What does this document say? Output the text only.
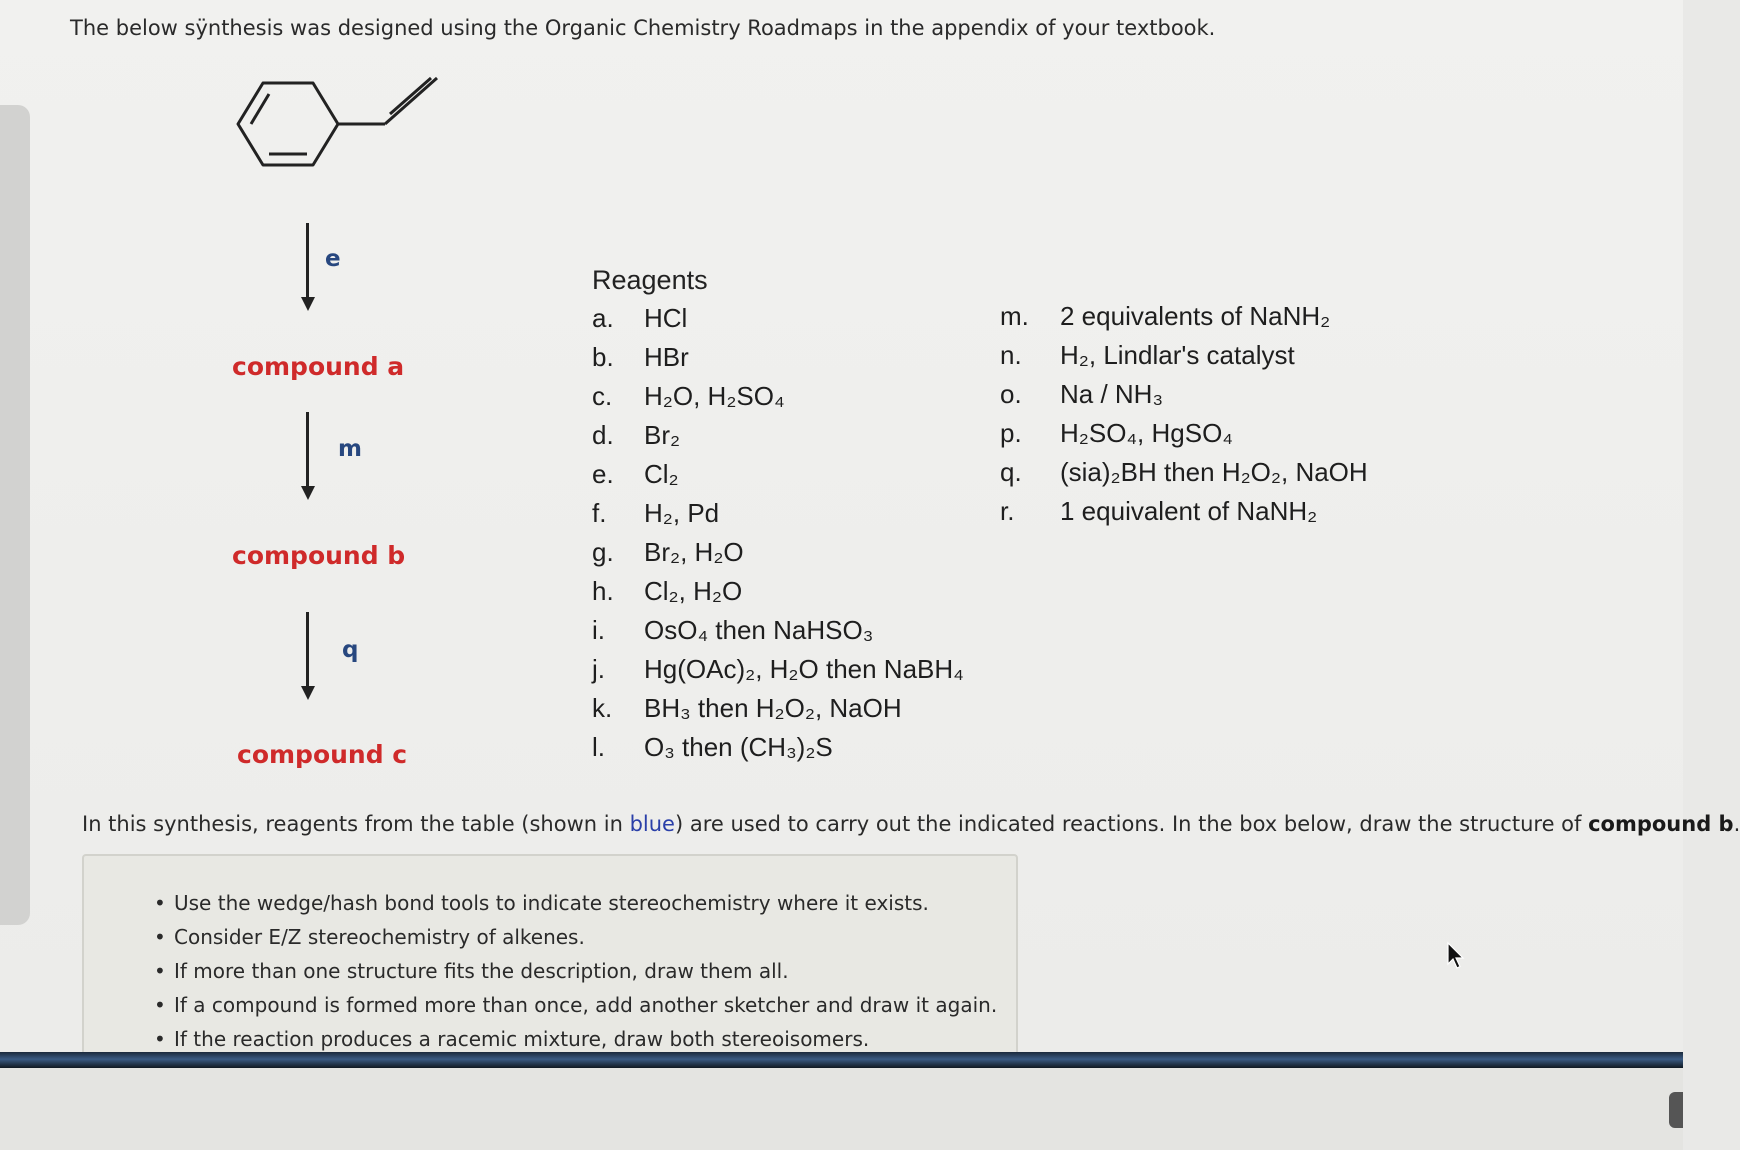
The below sÿnthesis was designed using the Organic Chemistry Roadmaps in the appendix of your textbook.
e
compound a
m
compound b
q
compound c
Reagents
a. HCl
b. HBr
c. H₂O, H₂SO₄
d. Br₂
e. Cl₂
f. H₂, Pd
g. Br₂, H₂O
h. Cl₂, H₂O
i. OsO₄ then NaHSO₃
j. Hg(OAc)₂, H₂O then NaBH₄
k. BH₃ then H₂O₂, NaOH
l. O₃ then (CH₃)₂S
m. 2 equivalents of NaNH₂
n. H₂, Lindlar's catalyst
o. Na / NH₃
p. H₂SO₄, HgSO₄
q. (sia)₂BH then H₂O₂, NaOH
r. 1 equivalent of NaNH₂
In this synthesis, reagents from the table (shown in blue) are used to carry out the indicated reactions. In the box below, draw the structure of compound b.
• Use the wedge/hash bond tools to indicate stereochemistry where it exists.
• Consider E/Z stereochemistry of alkenes.
• If more than one structure fits the description, draw them all.
• If a compound is formed more than once, add another sketcher and draw it again.
• If the reaction produces a racemic mixture, draw both stereoisomers.
